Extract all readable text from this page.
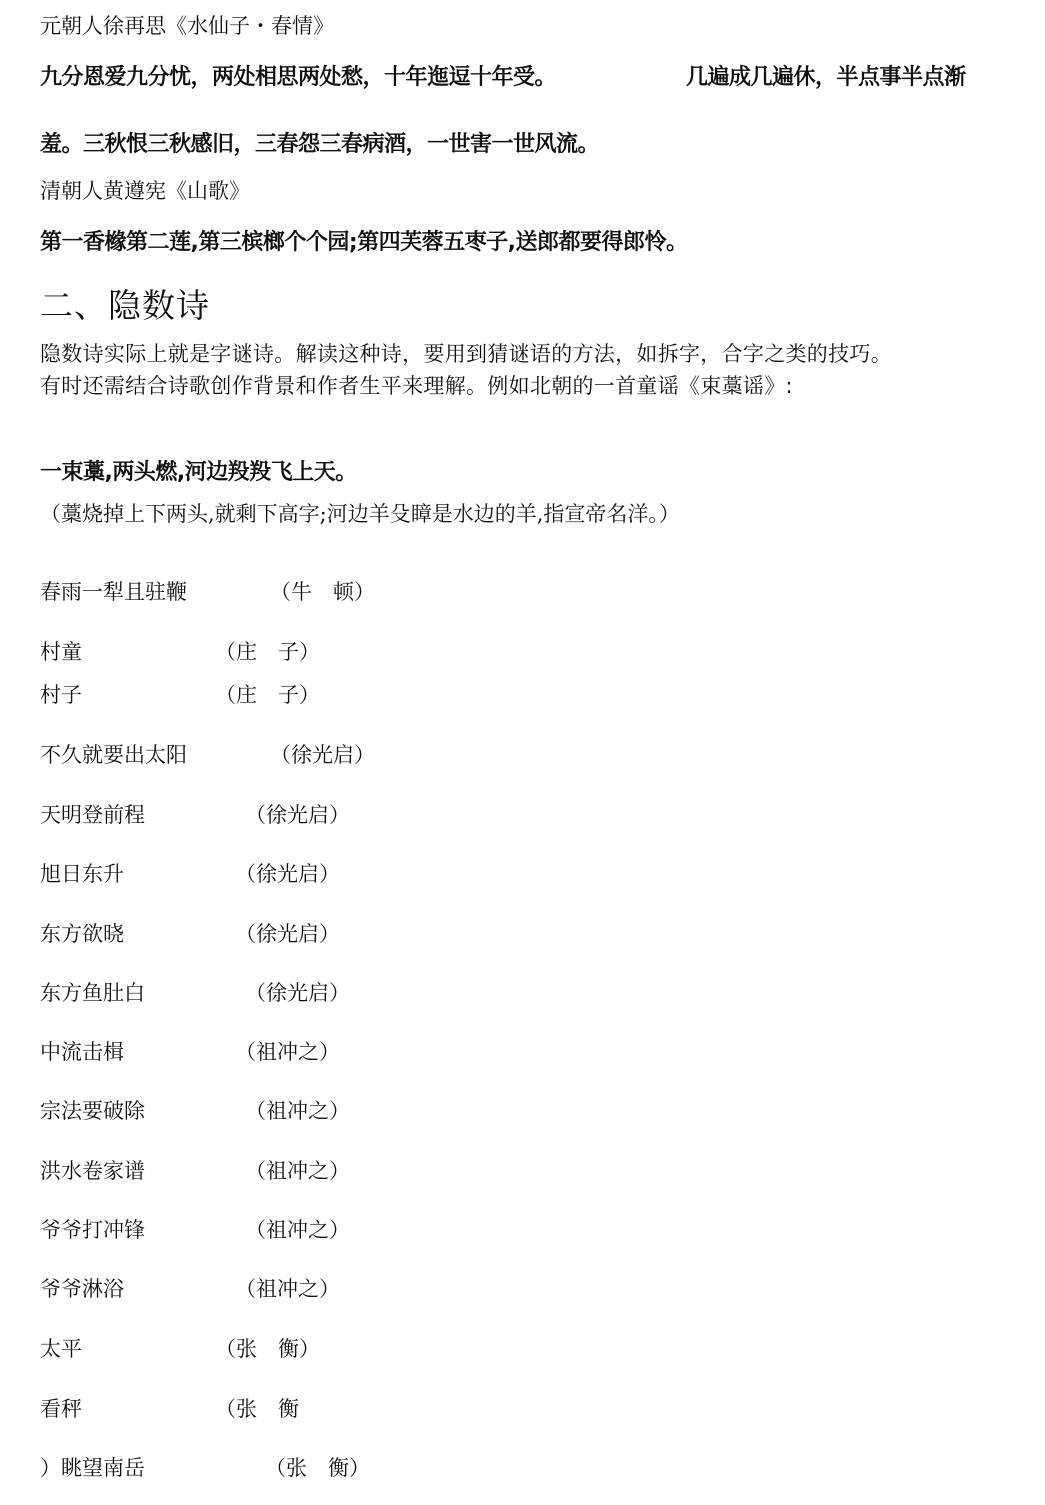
元朝人徐再思《水仙子・春情》
九分恩爱九分忧，两处相思两处愁，十年迤逗十年受。	几遍成几遍休，半点事半点渐
羞。三秋恨三秋感旧，三春怨三春病酒，一世害一世风流。
清朝人黄遵宪《山歌》
第一香橼第二莲,第三槟榔个个园;第四芙蓉五枣子,送郎都要得郎怜。
二、隐数诗
隐数诗实际上就是字谜诗。解读这种诗，要用到猜谜语的方法，如拆字，合字之类的技巧。
有时还需结合诗歌创作背景和作者生平来理解。例如北朝的一首童谣《束藁谣》:
一束藁,两头燃,河边羖羖飞上天。
（藁烧掉上下两头,就剩下高字;河边羊殳瞕是水边的羊,指宣帝名洋。）
春雨一犁且驻鞭	（牛　顿）
村童	（庄　子）
村子	（庄　子）
不久就要出太阳	（徐光启）
天明登前程	（徐光启）
旭日东升	（徐光启）
东方欲晓	（徐光启）
东方鱼肚白	（徐光启）
中流击楫	（祖冲之）
宗法要破除	（祖冲之）
洪水卷家谱	（祖冲之）
爷爷打冲锋	（祖冲之）
爷爷淋浴	（祖冲之）
太平	（张　衡）
看秤	（张　衡
）眺望南岳	（张　衡）
